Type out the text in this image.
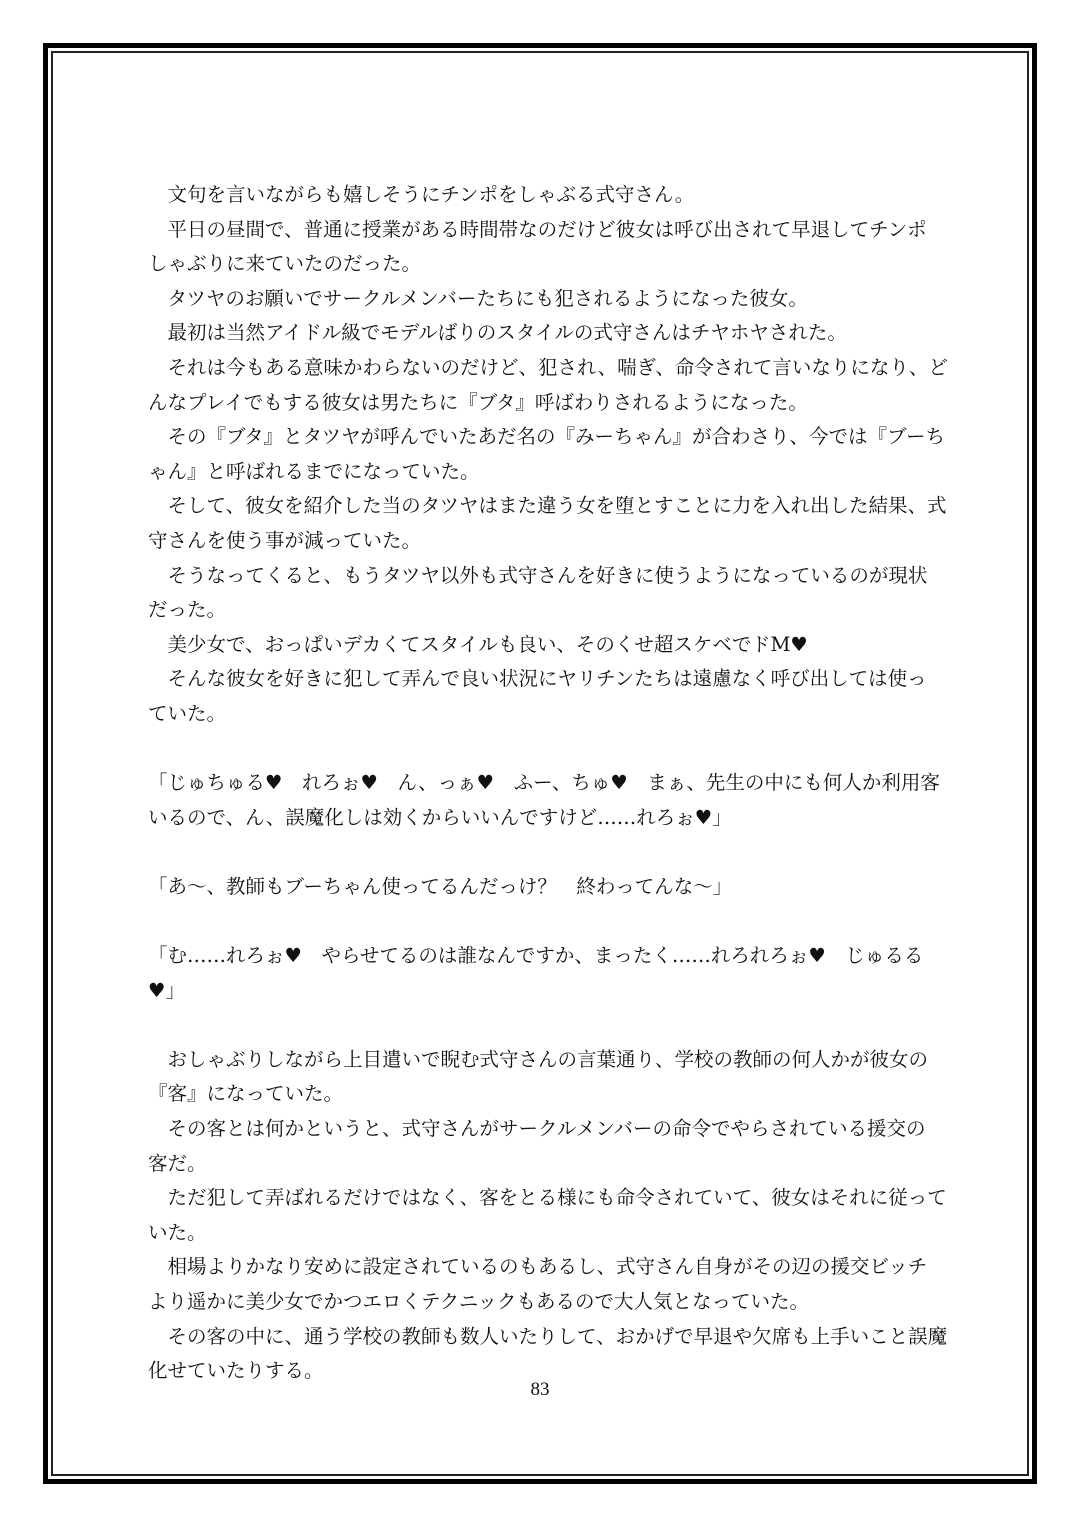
　文句を言いながらも嬉しそうにチンポをしゃぶる式守さん。
　平日の昼間で、普通に授業がある時間帯なのだけど彼女は呼び出されて早退してチンポ
しゃぶりに来ていたのだった。
　タツヤのお願いでサークルメンバーたちにも犯されるようになった彼女。
　最初は当然アイドル級でモデルばりのスタイルの式守さんはチヤホヤされた。
　それは今もある意味かわらないのだけど、犯され、喘ぎ、命令されて言いなりになり、ど
んなプレイでもする彼女は男たちに『ブタ』呼ばわりされるようになった。
　その『ブタ』とタツヤが呼んでいたあだ名の『みーちゃん』が合わさり、今では『ブーち
ゃん』と呼ばれるまでになっていた。
　そして、彼女を紹介した当のタツヤはまた違う女を堕とすことに力を入れ出した結果、式
守さんを使う事が減っていた。
　そうなってくると、もうタツヤ以外も式守さんを好きに使うようになっているのが現状
だった。
　美少女で、おっぱいデカくてスタイルも良い、そのくせ超スケベでドM♥
　そんな彼女を好きに犯して弄んで良い状況にヤリチンたちは遠慮なく呼び出しては使っ
ていた。
「じゅちゅる♥　れろぉ♥　ん、っぁ♥　ふー、ちゅ♥　まぁ、先生の中にも何人か利用客
いるので、ん、誤魔化しは効くからいいんですけど……れろぉ♥」
「あ～、教師もブーちゃん使ってるんだっけ？　終わってんな～」
「む……れろぉ♥　やらせてるのは誰なんですか、まったく……れろれろぉ♥　じゅるる
♥」
　おしゃぶりしながら上目遣いで睨む式守さんの言葉通り、学校の教師の何人かが彼女の
『客』になっていた。
　その客とは何かというと、式守さんがサークルメンバーの命令でやらされている援交の
客だ。
　ただ犯して弄ばれるだけではなく、客をとる様にも命令されていて、彼女はそれに従って
いた。
　相場よりかなり安めに設定されているのもあるし、式守さん自身がその辺の援交ビッチ
より遥かに美少女でかつエロくテクニックもあるので大人気となっていた。
　その客の中に、通う学校の教師も数人いたりして、おかげで早退や欠席も上手いこと誤魔
化せていたりする。
83
